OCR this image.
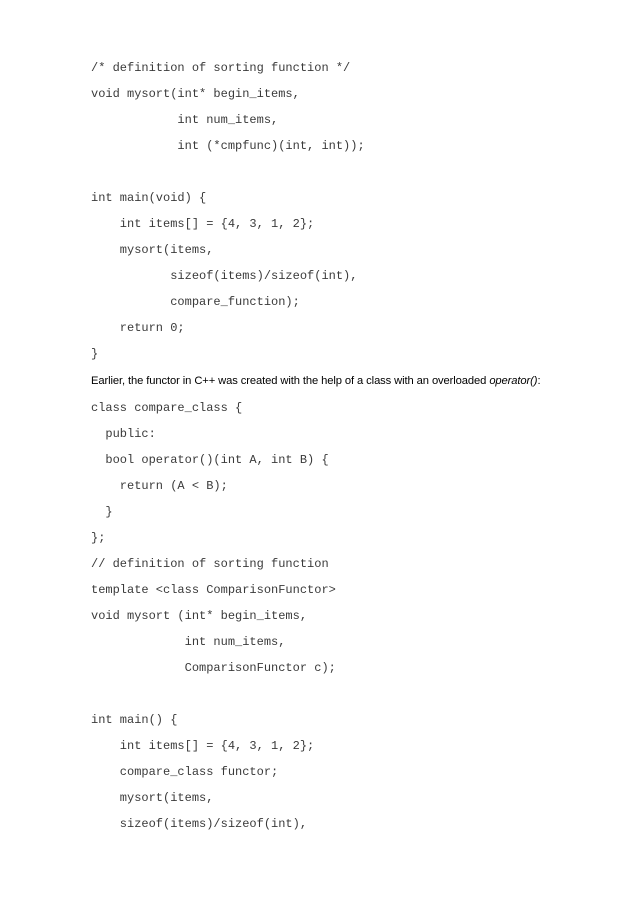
/* definition of sorting function */
void mysort(int* begin_items,
int num_items,
int (*cmpfunc)(int, int));
int main(void) {
int items[] = {4, 3, 1, 2};
mysort(items,
sizeof(items)/sizeof(int),
compare_function);
return 0;
}
Earlier, the functor in C++ was created with the help of a class with an overloaded operator():
class compare_class {
public:
bool operator()(int A, int B) {
return (A < B);
}
};
// definition of sorting function
template <class ComparisonFunctor>
void mysort (int* begin_items,
int num_items,
ComparisonFunctor c);
int main() {
int items[] = {4, 3, 1, 2};
compare_class functor;
mysort(items,
sizeof(items)/sizeof(int),
